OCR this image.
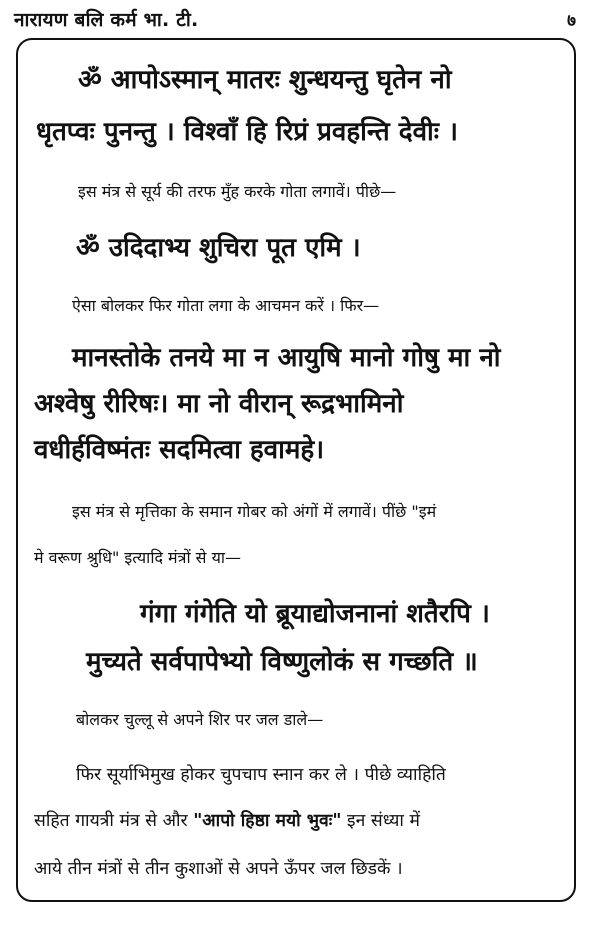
नारायण बलि कर्म भा. टी.	७
ॐ आपोऽस्मान् मातरः शुन्धयन्तु घृतेन नो
धृतप्वः पुनन्तु । विश्वाँ हि रिप्रं प्रवहन्ति देवीः ।
इस मंत्र से सूर्य की तरफ मुँह करके गोता लगावें। पीछे—
ॐ उदिदाभ्य शुचिरा पूत एमि ।
ऐसा बोलकर फिर गोता लगा के आचमन करें । फिर—
मानस्तोके तनये मा न आयुषि मानो गोषु मा नो
अश्वेषु रीरिषः। मा नो वीरान् रूद्रभामिनो
वधीर्हविष्मंतः सदमित्वा हवामहे।
इस मंत्र से मृत्तिका के समान गोबर को अंगों में लगावें। पींछे "इमं
मे वरूण श्रुधि" इत्यादि मंत्रों से या—
गंगा गंगेति यो ब्रूयाद्योजनानां शतैरपि ।
मुच्यते सर्वपापेभ्यो विष्णुलोकं स गच्छति ॥
बोलकर चुल्लू से अपने शिर पर जल डाले—
फिर सूर्याभिमुख होकर चुपचाप स्नान कर ले । पीछे व्याहिति
सहित गायत्री मंत्र से और "आपो हिष्ठा मयो भुवः" इन संध्या में
आये तीन मंत्रों से तीन कुशाओं से अपने ऊँपर जल छिडकें ।
